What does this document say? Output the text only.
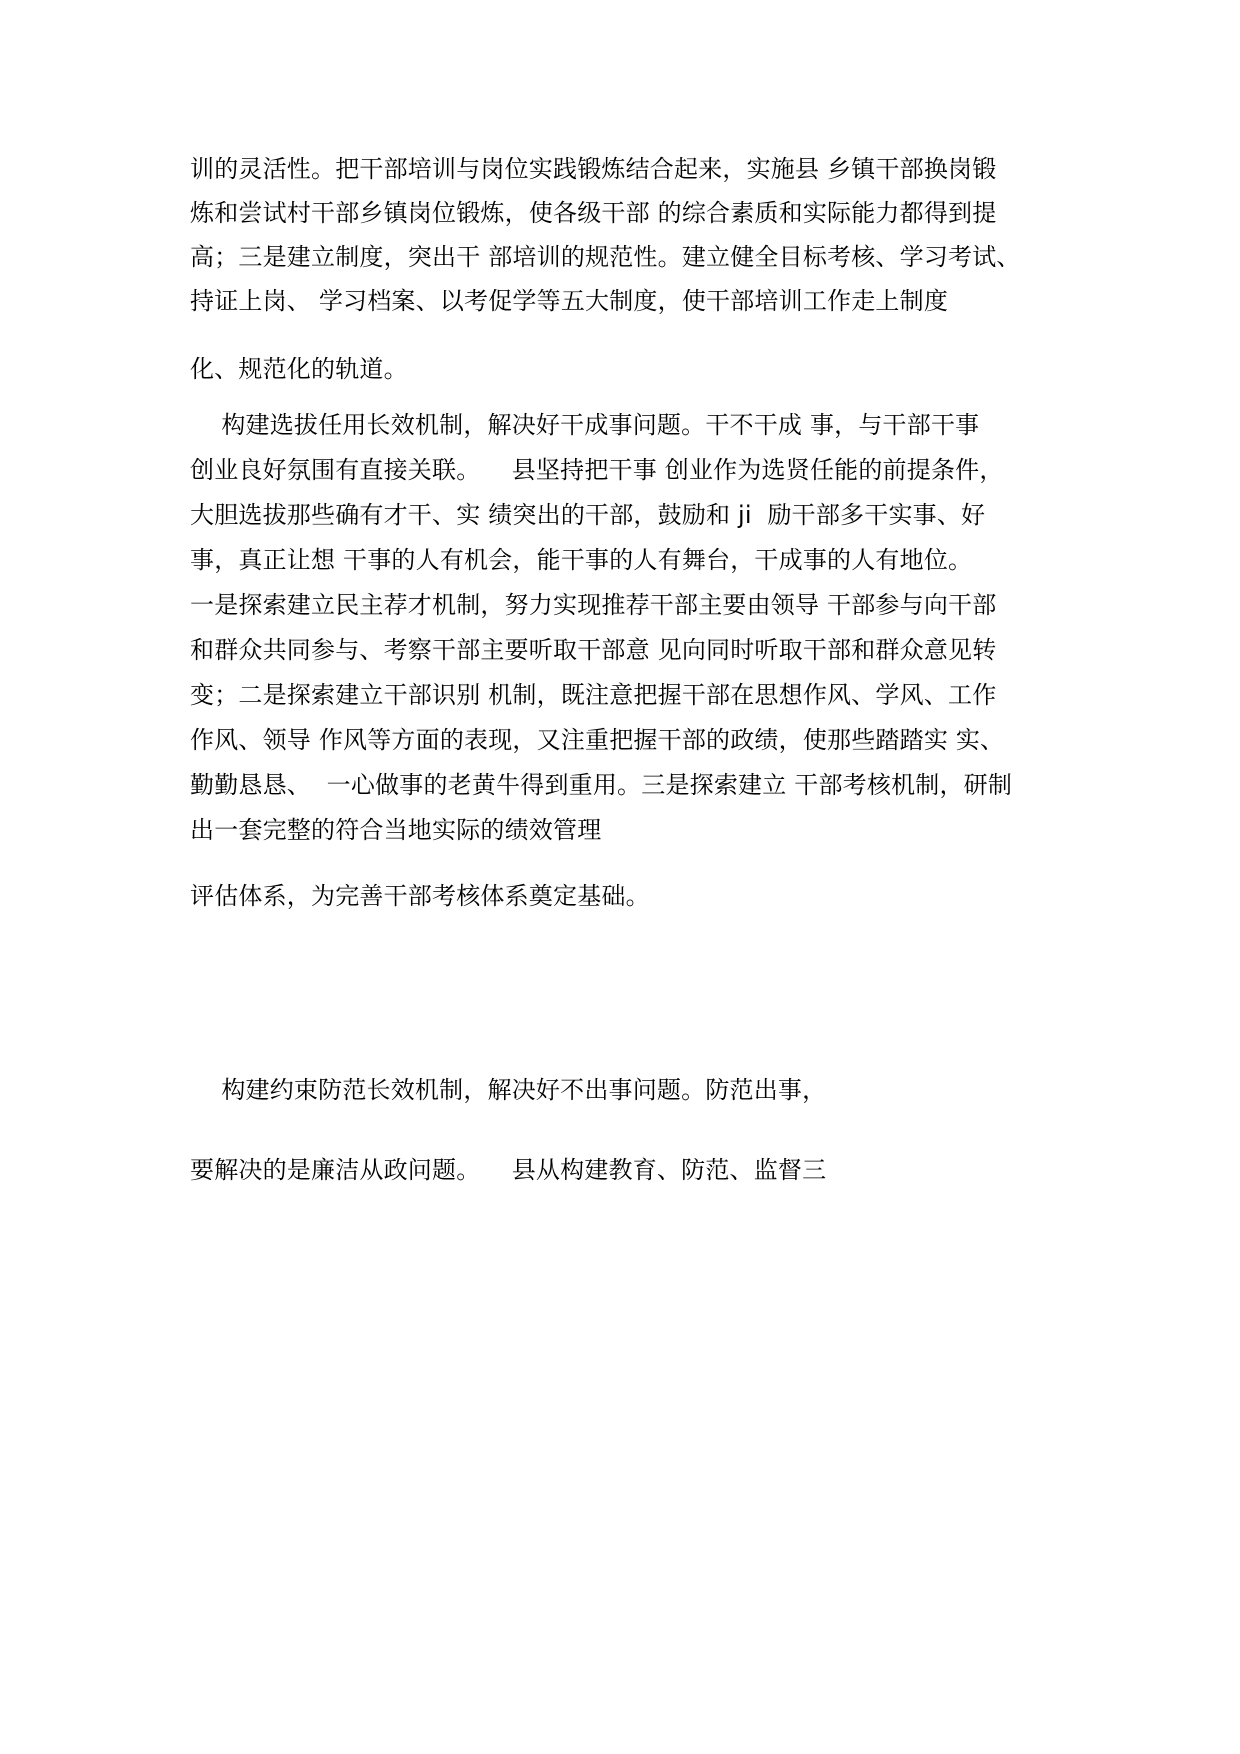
训的灵活性。把干部培训与岗位实践锻炼结合起来，实施县 乡镇干部换岗锻

炼和尝试村干部乡镇岗位锻炼，使各级干部 的综合素质和实际能力都得到提

高；三是建立制度，突出干 部培训的规范性。建立健全目标考核、学习考试、

持证上岗、 学习档案、以考促学等五大制度，使干部培训工作走上制度

化、规范化的轨道。

构建选拔任用长效机制，解决好干成事问题。干不干成 事，与干部干事

创业良好氛围有直接关联。    县坚持把干事 创业作为选贤任能的前提条件，

大胆选拔那些确有才干、实 绩突出的干部，鼓励和 ji  励干部多干实事、好

事，真正让想 干事的人有机会，能干事的人有舞台，干成事的人有地位。

一是探索建立民主荐才机制，努力实现推荐干部主要由领导 干部参与向干部

和群众共同参与、考察干部主要听取干部意 见向同时听取干部和群众意见转

变；二是探索建立干部识别 机制，既注意把握干部在思想作风、学风、工作

作风、领导 作风等方面的表现，又注重把握干部的政绩，使那些踏踏实 实、

勤勤恳恳、  一心做事的老黄牛得到重用。三是探索建立 干部考核机制，研制

出一套完整的符合当地实际的绩效管理

评估体系，为完善干部考核体系奠定基础。

构建约束防范长效机制，解决好不出事问题。防范出事，

要解决的是廉洁从政问题。    县从构建教育、防范、监督三
